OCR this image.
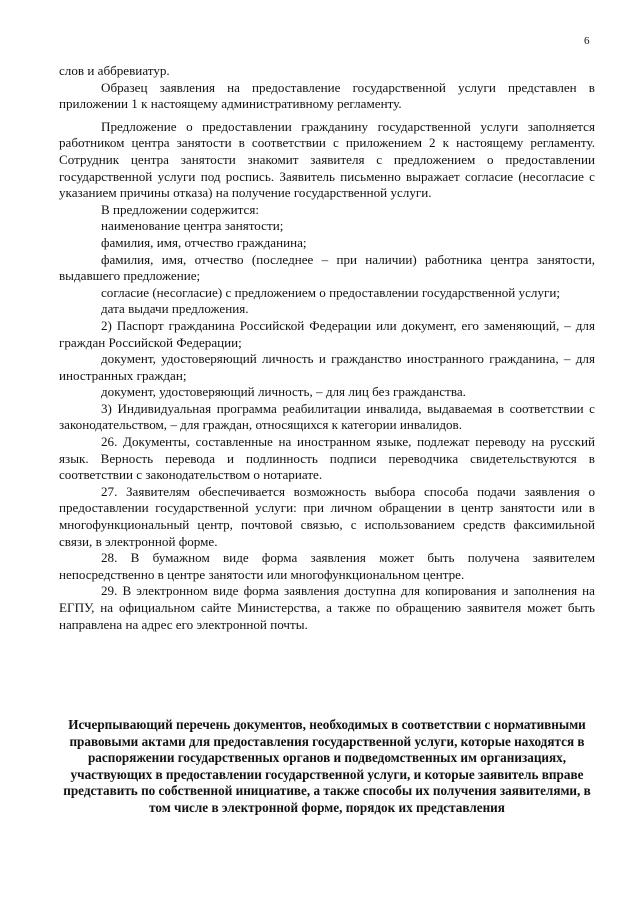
6

слов и аббревиатур.

Образец заявления на предоставление государственной услуги представлен в приложении 1 к настоящему административному регламенту.

Предложение о предоставлении гражданину государственной услуги заполняется работником центра занятости в соответствии с приложением 2 к настоящему регламенту. Сотрудник центра занятости знакомит заявителя с предложением о предоставлении государственной услуги под роспись. Заявитель письменно выражает согласие (несогласие с указанием причины отказа) на получение государственной услуги.

В предложении содержится:

наименование центра занятости;

фамилия, имя, отчество гражданина;

фамилия, имя, отчество (последнее – при наличии) работника центра занятости, выдавшего предложение;

согласие (несогласие) с предложением о предоставлении государственной услуги;

дата выдачи предложения.

2) Паспорт гражданина Российской Федерации или документ, его заменяющий, – для граждан Российской Федерации;

документ, удостоверяющий личность и гражданство иностранного гражданина, – для иностранных граждан;

документ, удостоверяющий личность, – для лиц без гражданства.

3) Индивидуальная программа реабилитации инвалида, выдаваемая в соответствии с законодательством, – для граждан, относящихся к категории инвалидов.

26. Документы, составленные на иностранном языке, подлежат переводу на русский язык. Верность перевода и подлинность подписи переводчика свидетельствуются в соответствии с законодательством о нотариате.

27. Заявителям обеспечивается возможность выбора способа подачи заявления о предоставлении государственной услуги: при личном обращении в центр занятости или в многофункциональный центр, почтовой связью, с использованием средств факсимильной связи, в электронной форме.

28. В бумажном виде форма заявления может быть получена заявителем непосредственно в центре занятости или многофункциональном центре.

29. В электронном виде форма заявления доступна для копирования и заполнения на ЕГПУ, на официальном сайте Министерства, а также по обращению заявителя может быть направлена на адрес его электронной почты.

Исчерпывающий перечень документов, необходимых в соответствии с нормативными правовыми актами для предоставления государственной услуги, которые находятся в распоряжении государственных органов и подведомственных им организациях, участвующих в предоставлении государственной услуги, и которые заявитель вправе представить по собственной инициативе, а также способы их получения заявителями, в том числе в электронной форме, порядок их представления
